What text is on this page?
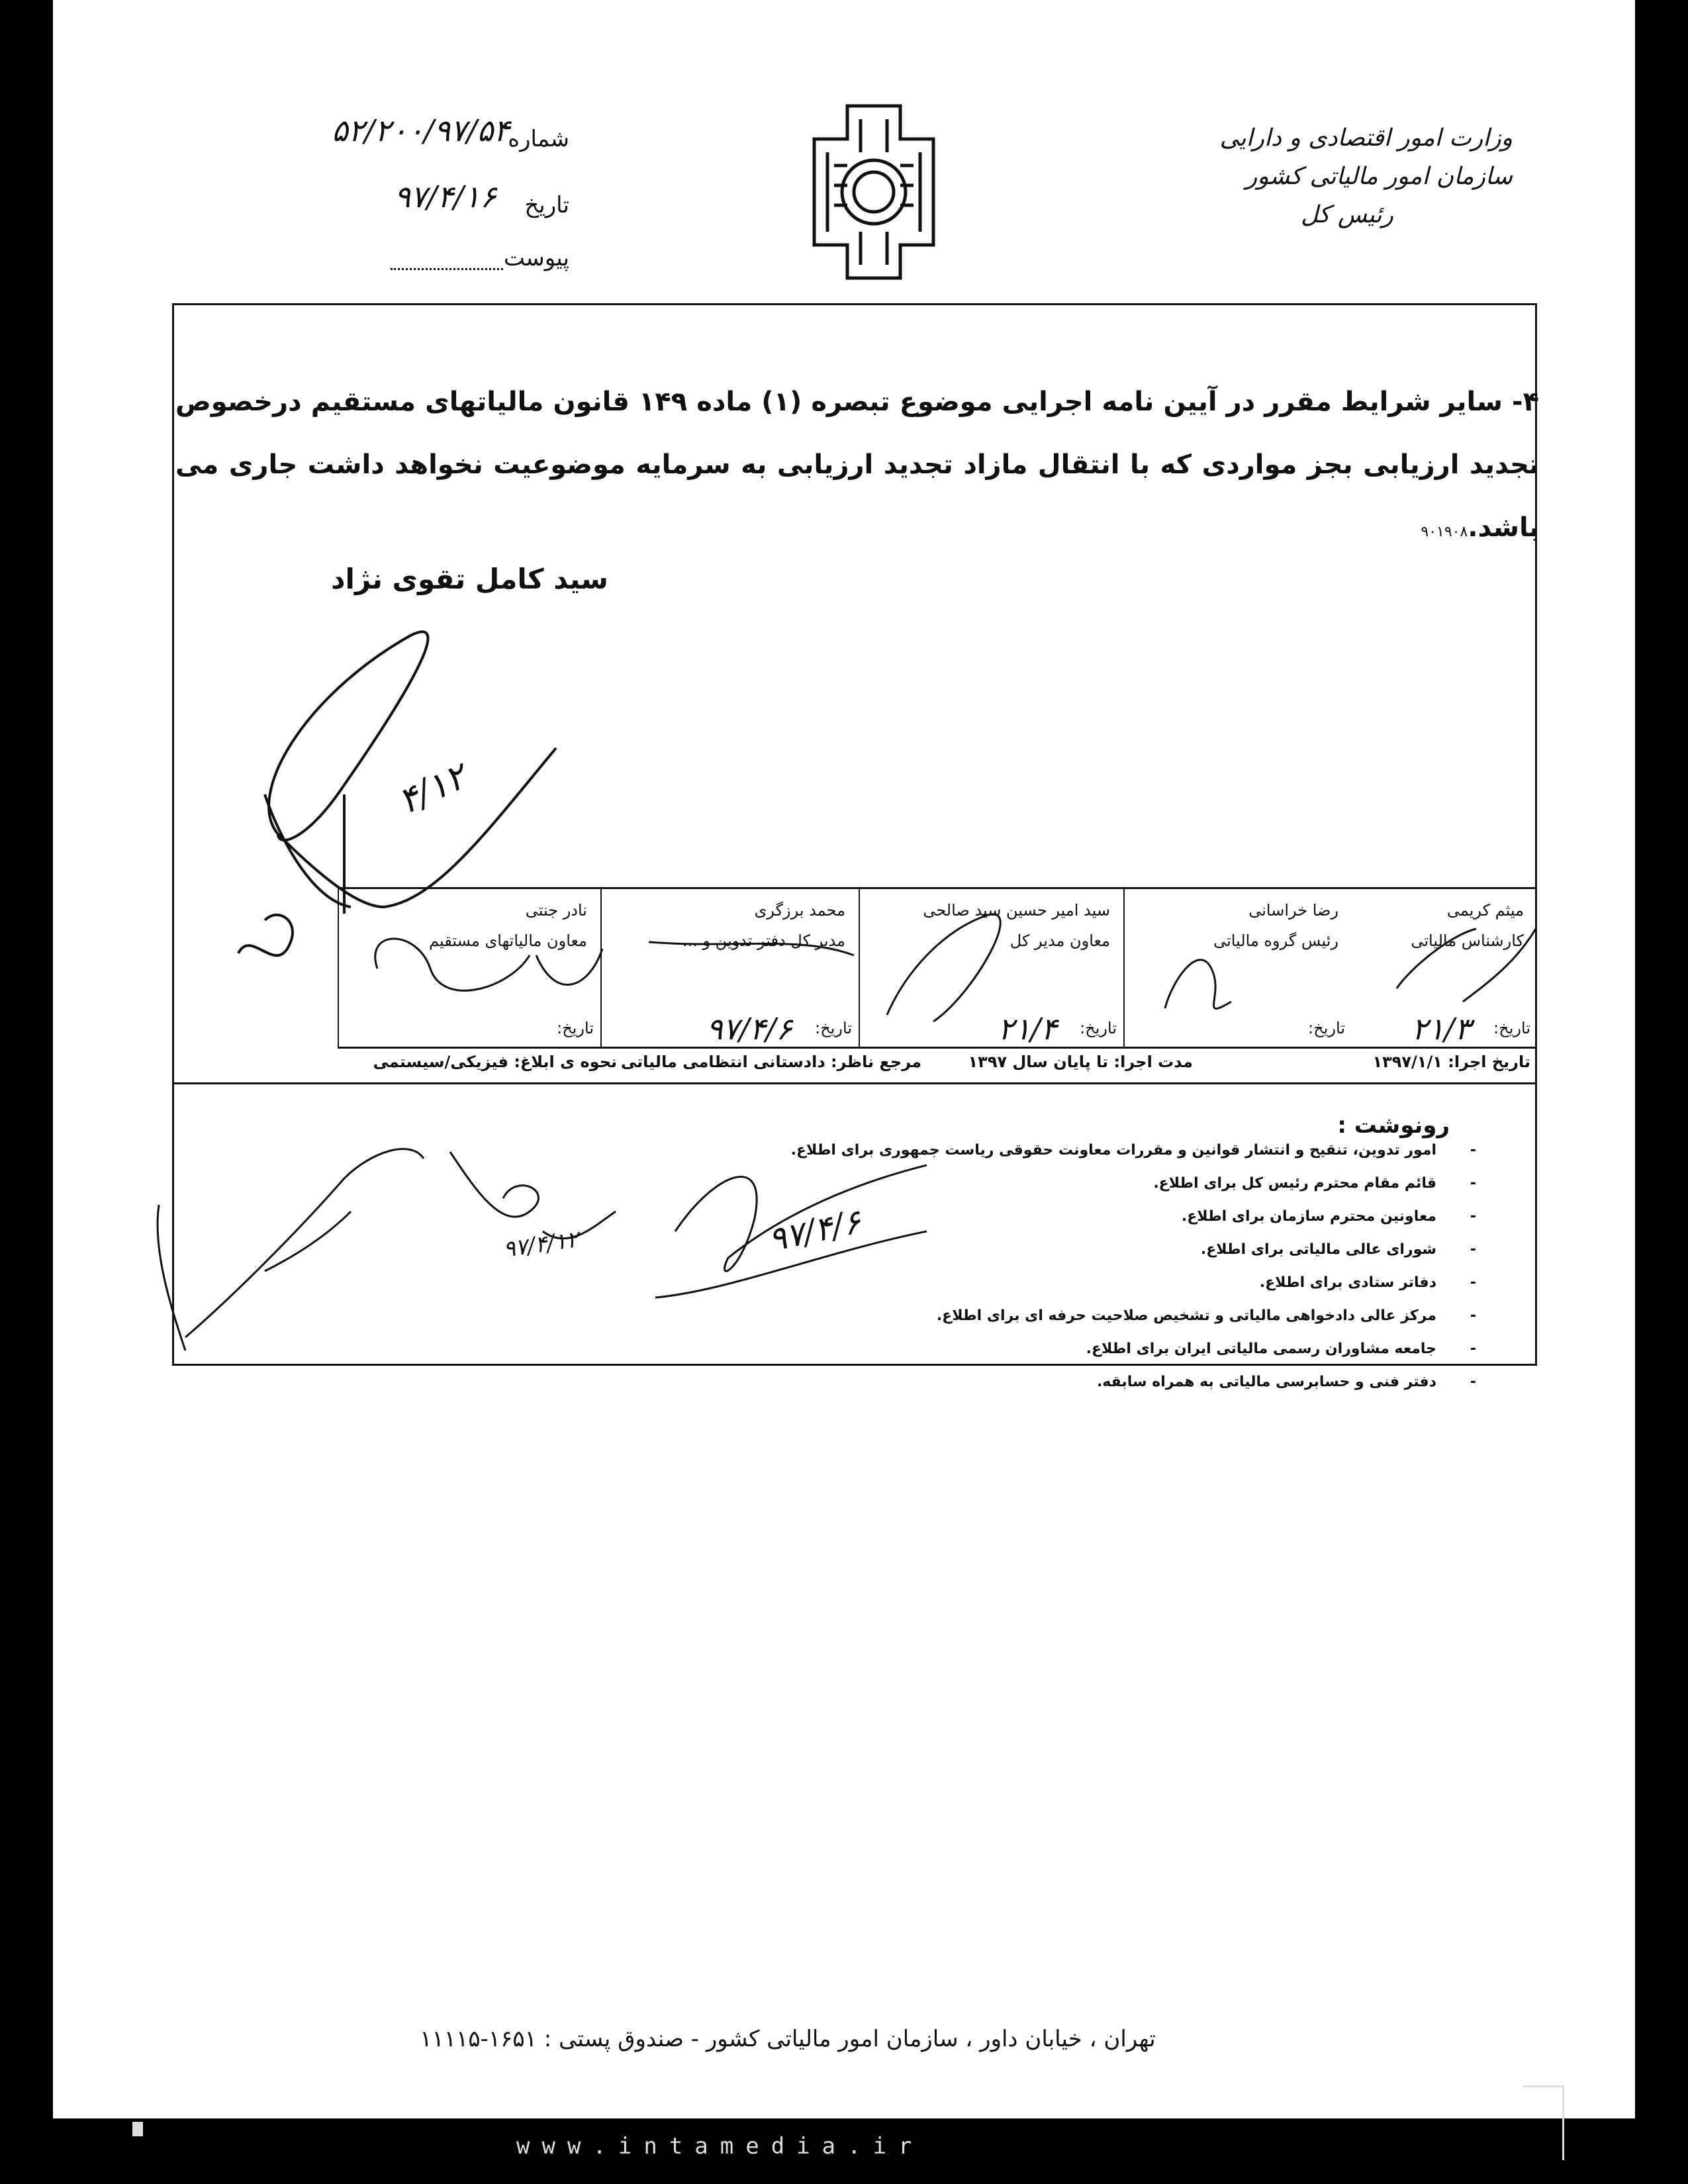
وزارت امور اقتصادی و دارایی
سازمان امور مالیاتی کشور
رئیس کل
شماره
۵۲/۲۰۰/۹۷/۵۴
تاریخ
۹۷/۴/۱۶
پیوست
۴- سایر شرایط مقرر در آیین نامه اجرایی موضوع تبصره (۱) ماده ۱۴۹ قانون مالیاتهای مستقیم درخصوص تجدید ارزیابی بجز مواردی که با انتقال مازاد تجدید ارزیابی به سرمایه موضوعیت نخواهد داشت جاری می باشد.۹۰۱۹۰۸
سید کامل تقوی نژاد
۴/۱۲
میثم کریمی
کارشناس مالیاتی
تاریخ:
۲۱/۳
رضا خراسانی
رئیس گروه مالیاتی
تاریخ:
سید امیر حسین سید صالحی
معاون مدیر کل
تاریخ:
۲۱/۴
محمد برزگری
مدیر کل دفتر تدوین و ...
تاریخ:
۹۷/۴/۶
نادر جنتی
معاون مالیاتهای مستقیم
تاریخ:
تاریخ اجرا: ۱۳۹۷/۱/۱
مدت اجرا: تا پایان سال ۱۳۹۷
مرجع ناظر: دادستانی انتظامی مالیاتی
نحوه ی ابلاغ: فیزیکی/سیستمی
رونوشت :
-
امور تدوین، تنقیح و انتشار قوانین و مقررات معاونت حقوقی ریاست جمهوری برای اطلاع.
-
قائم مقام محترم رئیس کل برای اطلاع.
-
معاونین محترم سازمان برای اطلاع.
-
شورای عالی مالیاتی برای اطلاع.
-
دفاتر ستادی برای اطلاع.
-
مرکز عالی دادخواهی مالیاتی و تشخیص صلاحیت حرفه ای برای اطلاع.
-
جامعه مشاوران رسمی مالیاتی ایران برای اطلاع.
-
دفتر فنی و حسابرسی مالیاتی به همراه سابقه.
۹۷/۴/۶
۹۷/۴/۱۲
تهران ، خیابان داور ، سازمان امور مالیاتی کشور - صندوق پستی : ۱۶۵۱-۱۱۱۱۵
www.intamedia.ir
